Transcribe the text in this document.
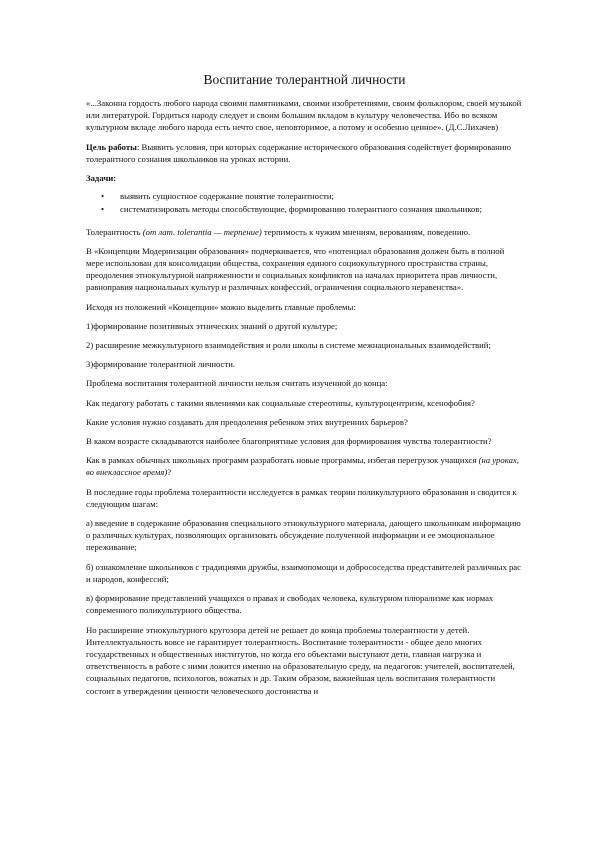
Воспитание толерантной личности

«...Законна гордость любого народа своими памятниками, своими изобретениями, своим фольклором, своей музыкой или литературой. Гордиться народу следует и своим большим вкладом в культуру человечества. Ибо во всяком культурном вкладе любого народа есть нечто свое, неповторимое, а потому и особенно ценное». (Д.С.Лихачев)

Цель работы: Выявить условия, при которых содержание исторического образования содействует формированию толерантного сознания школьников на уроках истории.

Задачи:

• выявить сущностное содержание понятие толерантности;
• систематизировать методы способствующие, формированию толерантного сознания школьников;

Толерантность (от лат. tolerantia — терпение) терпимость к чужим мнениям, верованиям, поведению.

В «Концепции Модернизации образования» подчеркивается, что «потенциал образования должен быть в полной мере использован для консолидации общества, сохранения единого социокультурного пространства страны, преодоления этнокультурной напряженности и социальных конфликтов на началах приоритета прав личности, равноправия национальных культур и различных конфессий, ограничения социального неравенства».

Исходя из положений «Концепции» можно выделить главные проблемы:

1)формирование позитивных этнических знаний о другой культуре;

2) расширение межкультурного взаимодействия и роли школы в системе межнациональных взаимодействий;

3)формирование толерантной личности.

Проблема воспитания толерантной личности нельзя считать изученной до конца:

Как педагогу работать с такими явлениями как социальные стереотипы, культуроцентризм, ксенофобия?

Какие условия нужно создавать для преодоления ребенком этих внутренних барьеров?

В каком возрасте складываются наиболее благоприятные условия для формирования чувства толерантности?

Как в рамках обычных школьных программ разработать новые программы, избегая перегрузок учащихся (на уроках, во внеклассное время)?

В последние годы проблема толерантности исследуется в рамках теории поликультурного образования и сводится к следующим шагам:

а) введение в содержание образования специального этнокультурного материала, дающего школьникам информацию о различных культурах, позволяющих организовать обсуждение полученной информации и ее эмоциональное переживание;

б) ознакомление школьников с традициями дружбы, взаимопомощи и добрососедства представителей различных рас и народов, конфессий;

в) формирование представлений учащихся о правах и свободах человека, культурном плюрализме как нормах современного поликультурного общества.

Но расширение этнокультурного кругозора детей не решает до конца проблемы толерантности у детей. Интеллектуальность вовсе не гарантирует толерантность. Воспитание толерантности - общее дело многих государственных и общественных институтов, но когда его объектами выступают дети, главная нагрузка и ответственность в работе с ними ложится именно на образовательную среду, на педагогов: учителей, воспитателей, социальных педагогов, психологов, вожатых и др. Таким образом, важнейшая цель воспитания толерантности состоит в утверждении ценности человеческого достоинства и
